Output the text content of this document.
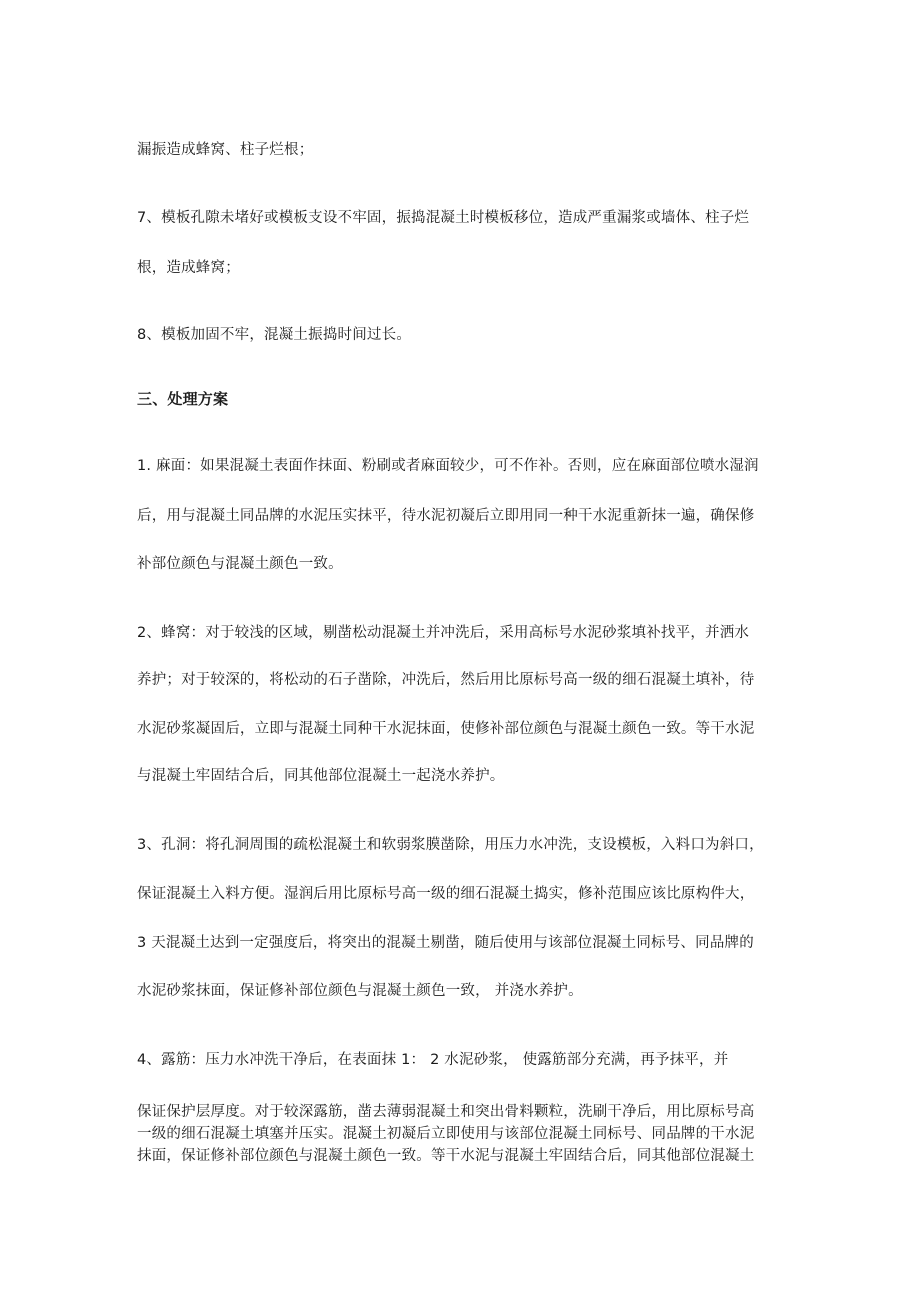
漏振造成蜂窝、柱子烂根；
7、模板孔隙未堵好或模板支设不牢固，振捣混凝土时模板移位，造成严重漏浆或墙体、柱子烂
根，造成蜂窝；
8、模板加固不牢，混凝土振捣时间过长。
三、处理方案
1. 麻面：如果混凝土表面作抹面、粉刷或者麻面较少，可不作补。否则，应在麻面部位喷水湿润
后，用与混凝土同品牌的水泥压实抹平，待水泥初凝后立即用同一种干水泥重新抹一遍，确保修
补部位颜色与混凝土颜色一致。
2、蜂窝：对于较浅的区域，剔凿松动混凝土并冲洗后，采用高标号水泥砂浆填补找平，并洒水
养护；对于较深的，将松动的石子凿除，冲洗后，然后用比原标号高一级的细石混凝土填补，待
水泥砂浆凝固后，立即与混凝土同种干水泥抹面，使修补部位颜色与混凝土颜色一致。等干水泥
与混凝土牢固结合后，同其他部位混凝土一起浇水养护。
3、孔洞：将孔洞周围的疏松混凝土和软弱浆膜凿除，用压力水冲洗，支设模板，入料口为斜口，
保证混凝土入料方便。湿润后用比原标号高一级的细石混凝土捣实，修补范围应该比原构件大，
3 天混凝土达到一定强度后，将突出的混凝土剔凿，随后使用与该部位混凝土同标号、同品牌的
水泥砂浆抹面，保证修补部位颜色与混凝土颜色一致， 并浇水养护。
4、露筋：压力水冲洗干净后，在表面抹 1： 2 水泥砂浆， 使露筋部分充满，再予抹平，并
保证保护层厚度。对于较深露筋，凿去薄弱混凝土和突出骨料颗粒，洗刷干净后，用比原标号高
一级的细石混凝土填塞并压实。混凝土初凝后立即使用与该部位混凝土同标号、同品牌的干水泥
抹面，保证修补部位颜色与混凝土颜色一致。等干水泥与混凝土牢固结合后，同其他部位混凝土
